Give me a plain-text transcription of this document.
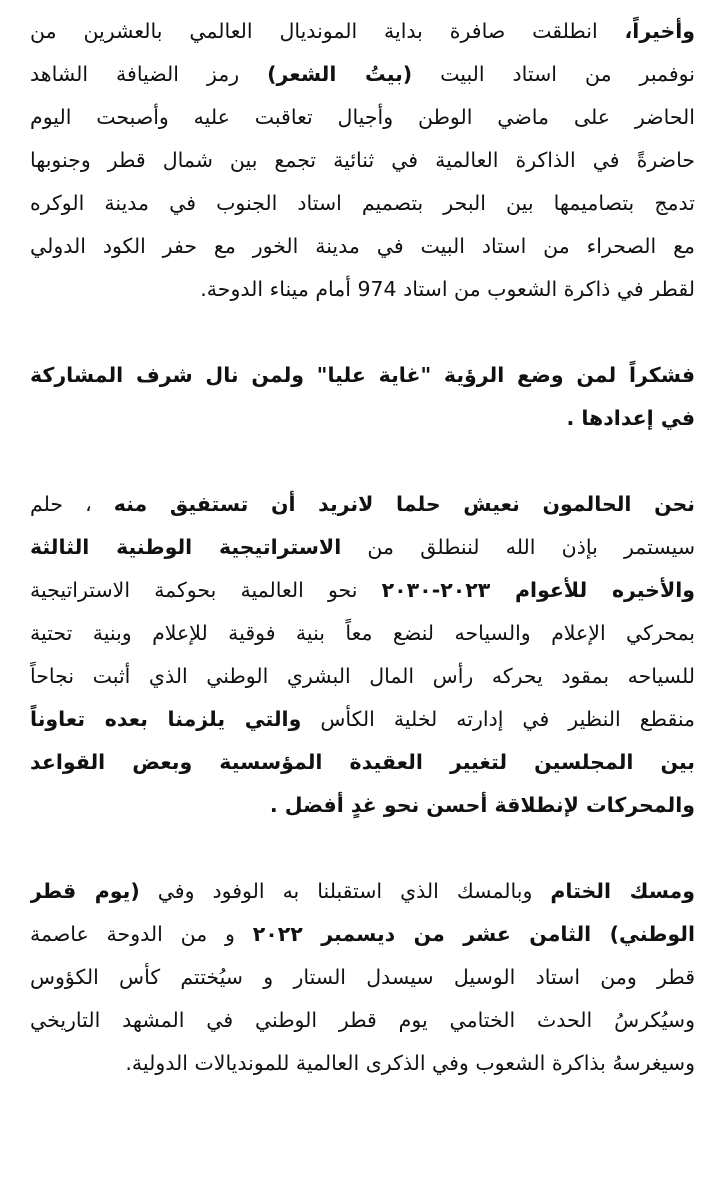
وأخيراً، انطلقت صافرة بداية المونديال العالمي بالعشرين من
نوفمبر من استاد البيت (بيتُ الشعر) رمز الضيافة الشاهد
الحاضر على ماضي الوطن وأجيال تعاقبت عليه وأصبحت اليوم
حاضرةً في الذاكرة العالمية في ثنائية تجمع بين شمال قطر وجنوبها
تدمج بتصاميمها بين البحر بتصميم استاد الجنوب في مدينة الوكره
مع الصحراء من استاد البيت في مدينة الخور مع حفر الكود الدولي
لقطر في ذاكرة الشعوب من استاد 974 أمام ميناء الدوحة.
فشكراً لمن وضع الرؤية "غاية عليا" ولمن نال شرف المشاركة
في إعدادها .
نحن الحالمون نعيش حلما لانريد أن تستفيق منه ، حلم
سيستمر بإذن الله لننطلق من الاستراتيجية الوطنية الثالثة
والأخيره للأعوام ٢٠٢٣-٢٠٣٠ نحو العالمية بحوكمة الاستراتيجية
بمحركي الإعلام والسياحه لنضع معاً بنية فوقية للإعلام وبنية تحتية
للسياحه بمقود يحركه رأس المال البشري الوطني الذي أثبت نجاحاً
منقطع النظير في إدارته لخلية الكأس والتي يلزمنا بعده تعاوناً
بين المجلسين لتغيير العقيدة المؤسسية وبعض القواعد
والمحركات لإنطلاقة أحسن نحو غدٍ أفضل .
ومسك الختام وبالمسك الذي استقبلنا به الوفود وفي (يوم قطر
الوطني) الثامن عشر من ديسمبر ٢٠٢٢ و من الدوحة عاصمة
قطر ومن استاد الوسيل سيسدل الستار و سيُختتم كأس الكؤوس
وسيُكرسُ الحدث الختامي يوم قطر الوطني في المشهد التاريخي
وسيغرسهُ بذاكرة الشعوب وفي الذكرى العالمية للمونديالات الدولية.
